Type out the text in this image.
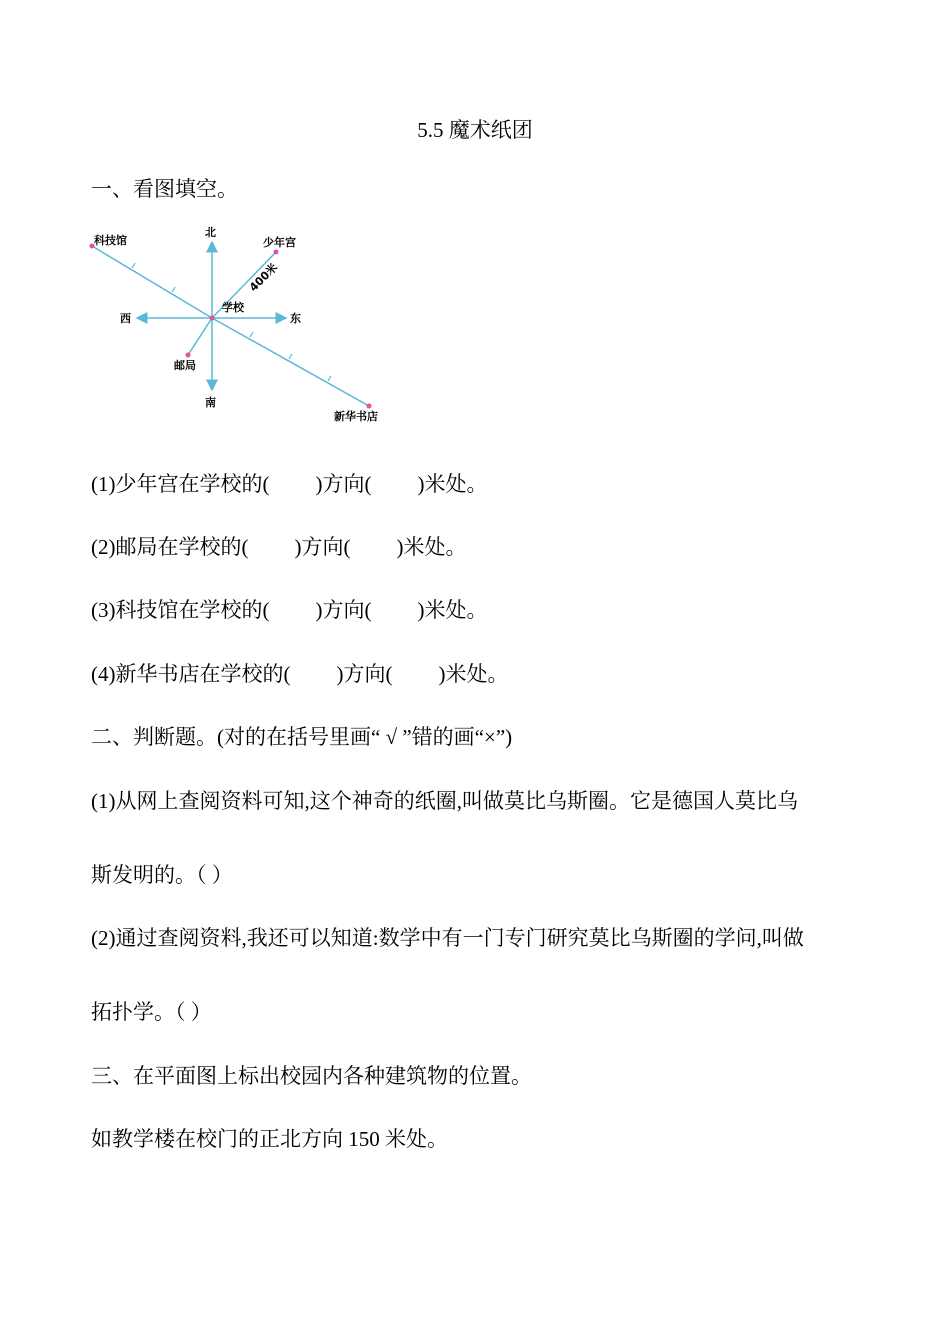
5.5 魔术纸团
一、看图填空。
北
南
东
西
学校
少年宫
邮局
科技馆
新华书店
400米
(1)少年宫在学校的( )方向( )米处。
(2)邮局在学校的( )方向( )米处。
(3)科技馆在学校的( )方向( )米处。
(4)新华书店在学校的( )方向( )米处。
二、判断题。(对的在括号里画“ √ ”错的画“×”)
(1)从网上查阅资料可知,这个神奇的纸圈,叫做莫比乌斯圈。它是德国人莫比乌
斯发明的。（ ）
(2)通过查阅资料,我还可以知道:数学中有一门专门研究莫比乌斯圈的学问,叫做
拓扑学。（ ）
三、在平面图上标出校园内各种建筑物的位置。
如教学楼在校门的正北方向 150 米处。
